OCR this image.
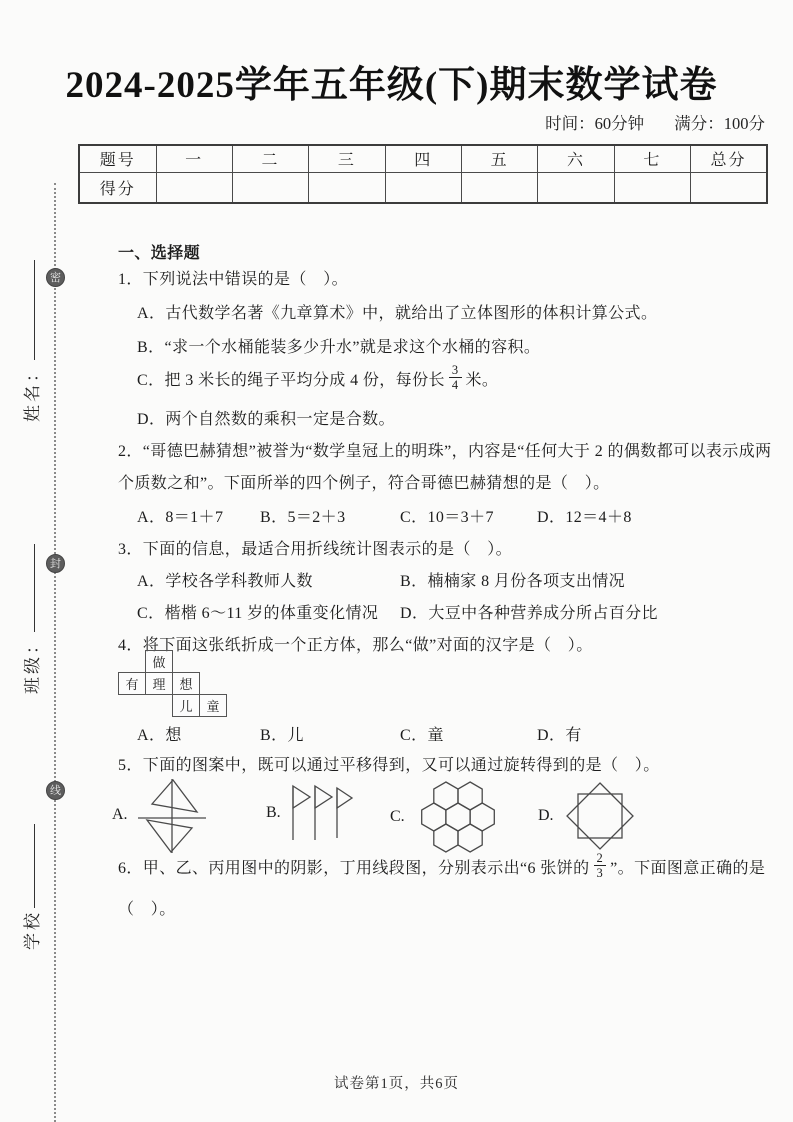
密
封
线
姓名：
班级：
学校
2024-2025学年五年级(下)期末数学试卷
时间：60分钟 满分：100分
题号	一	二	三	四	五	六	七	总分
得分								
一、选择题
1．下列说法中错误的是（　）。
A．古代数学名著《九章算术》中，就给出了立体图形的体积计算公式。
B．“求一个水桶能装多少升水”就是求这个水桶的容积。
C．把 3 米长的绳子平均分成 4 份，每份长 $\frac{3}{4}$ 米。
D．两个自然数的乘积一定是合数。
2．“哥德巴赫猜想”被誉为“数学皇冠上的明珠”，内容是“任何大于 2 的偶数都可以表示成两
个质数之和”。下面所举的四个例子，符合哥德巴赫猜想的是（　）。
A．8＝1＋7 B．5＝2＋3	C．10＝3＋7	D．12＝4＋8
3．下面的信息，最适合用折线统计图表示的是（　）。
A．学校各学科教师人数	B．楠楠家 8 月份各项支出情况
C．楷楷 6～11 岁的体重变化情况 D．大豆中各种营养成分所占百分比
4．将下面这张纸折成一个正方体，那么“做”对面的汉字是（　）。
做
有	理	想
儿	童
A．想	B．儿	C．童	D．有
5．下面的图案中，既可以通过平移得到，又可以通过旋转得到的是（　）。
A.	B.	C.	D.
6．甲、乙、丙用图中的阴影，丁用线段图，分别表示出“6 张饼的 $\frac{2}{3}$ ”。下面图意正确的是
（　）。
试卷第1页，共6页
